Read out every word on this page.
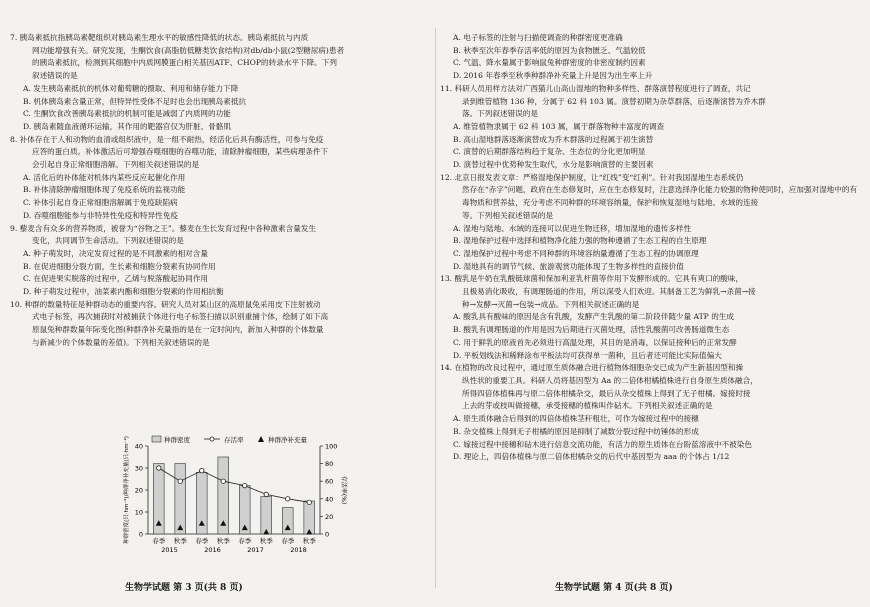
7. 胰岛素抵抗指胰岛素靶组织对胰岛素生理水平的敏感性降低的状态。胰岛素抵抗与内质
网功能增强有关。研究发现，生酮饮食(高脂肪低糖类饮食结构)对db/db小鼠(2型糖尿病)患者
的胰岛素抵抗，检测到其细胞中内质网膜蛋白相关基因ATF、CHOP的转录水平下降。下列
叙述错误的是
A. 发生胰岛素抵抗的机体对葡萄糖的摄取、利用和储存能力下降
B. 机体胰岛素含量正常，但特异性受体不足时也会出现胰岛素抵抗
C. 生酮饮食改善胰岛素抵抗的机制可能是减弱了内质网的功能
D. 胰岛素随血液循环运输，其作用的靶器官仅为肝脏、骨骼肌
8. 补体存在于人和动物的血清或组织液中，是一组不耐热，经活化后具有酶活性，可参与免疫
应答的蛋白质。补体激活后可增强吞噬细胞的吞噬功能，清除肿瘤细胞，某些病理条件下
会引起自身正常细胞溶解。下列相关叙述错误的是
A. 活化后的补体能对机体内某些反应起催化作用
B. 补体清除肿瘤细胞体现了免疫系统的监视功能
C. 补体引起自身正常细胞溶解属于免疫缺陷病
D. 吞噬细胞能参与非特异性免疫和特异性免疫
9. 藜麦含有众多的营养物质，被誉为“谷物之王”。藜麦在生长发育过程中各种激素含量发生
变化，共同调节生命活动。下列叙述错误的是
A. 种子萌发时，决定发育过程的是不同激素的相对含量
B. 在促进细胞分裂方面，生长素和细胞分裂素有协同作用
C. 在促进果实脱落的过程中，乙烯与脱落酸起协同作用
D. 种子萌发过程中，油菜素内酯和细胞分裂素的作用相抗衡
10. 种群的数量特征是种群动态的重要内容。研究人员对某山区的高原鼠兔采用皮下注射被动
式电子标签，再次捕获时对被捕获个体进行电子标签扫描以识别重捕个体，绘制了如下高
原鼠兔种群数量年际变化图(种群净补充量指的是在一定时间内，新加入种群的个体数量
与新减少的个体数量的差值)。下列相关叙述错误的是
0
10
20
30
40
0
20
40
60
80
100
种群密度(只·hm⁻²)/种群净补充量(只·hm⁻²)	存活率(%)
春季 秋季 春季 秋季 春季 秋季 春季 秋季
2015	2016	2017	2018
种群密度	存活率	种群净补充量
生物学试题 第 3 页(共 8 页)
A. 电子标签的注射与扫描使调查的种群密度更准确
B. 秋季至次年春季存活率低的原因为食物匮乏、气温较低
C. 气温、降水量属于影响鼠兔种群密度的非密度制约因素
D. 2016 年春季至秋季种群净补充量上升是因为出生率上升
11. 科研人员用样方法对广西猫儿山高山湿地的物种多样性、群落演替程度进行了调查，共记
录到维管植物 136 种，分属于 62 科 103 属。演替初期为杂草群落，后逐渐演替为乔木群
落。下列叙述错误的是
A. 维管植物隶属于 62 科 103 属，属于群落物种丰富度的调查
B. 高山湿地群落逐渐演替成为乔木群落的过程属于初生演替
C. 演替的后期群落结构趋于复杂、生态位的分化更加明显
D. 演替过程中优势种发生取代，水分是影响演替的主要因素
12. 北京日报发表文章：严格湿地保护制度，让“红线”变“红利”。针对我国湿地生态系统仍
然存在“赤字”问题，政府在生态修复时，应在生态修复时，注意选择净化能力较强的物种使同时，应加强对湿地中的有
毒物质和营养盐，充分考虑不同种群的环境容纳量，保护和恢复湿地与陆地、水域的连接
等。下列相关叙述错误的是
A. 湿地与陆地、水域的连接可以促进生物迁移，增加湿地的遗传多样性
B. 湿地保护过程中选择和植物净化能力强的物种遵循了生态工程的自生原理
C. 湿地保护过程中考虑不同种群的环境容纳量遵循了生态工程的协调原理
D. 湿地具有的调节气候、旅游观赏功能体现了生物多样性的直接价值
13. 酸乳是牛奶在乳酸链球菌和保加利亚乳杆菌等作用下发酵形成的。它具有爽口的酸味，
且极易消化吸收，有调理肠道的作用，所以深受人们欢迎。其制备工艺为鲜乳→杀菌→接
种→发酵→灭菌→包装→成品。下列相关叙述正确的是
A. 酸乳具有酸味的原因是含有乳酸，发酵产生乳酸的第二阶段伴随少量 ATP 的生成
B. 酸乳有调理肠道的作用是因为后期进行灭菌处理，活性乳酸菌可改善肠道微生态
C. 用于鲜乳的原液首先必须进行高温处理，其目的是消毒，以保证接种后的正常发酵
D. 平板划线法和稀释涂布平板法均可获得单一菌种，且后者还可能比实际值偏大
14. 在植物的改良过程中，通过原生质体融合进行植物体细胞杂交已成为产生新基因型和操
纵性状的重要工具。科研人员将基因型为 Aa 的二倍体柑橘植株进行自身原生质体融合，
所得四倍体植株再与原二倍体柑橘杂交，最后从杂交植株上得到了无子柑橘。嫁接时接
上去的芽或枝叫做接穗，承受接穗的植株叫作砧木。下列相关叙述正确的是
A. 原生质体融合后得到的四倍体植株茎秆粗壮，可作为嫁接过程中的接穗
B. 杂交植株上得到无子柑橘的原因是抑制了减数分裂过程中纺锤体的形成
C. 嫁接过程中接穗和砧木进行信息交流功能，有活力的原生质体在台盼蓝溶液中不被染色
D. 理论上，四倍体植株与原二倍体柑橘杂交的后代中基因型为 aaa 的个体占 1/12
生物学试题 第 4 页(共 8 页)
